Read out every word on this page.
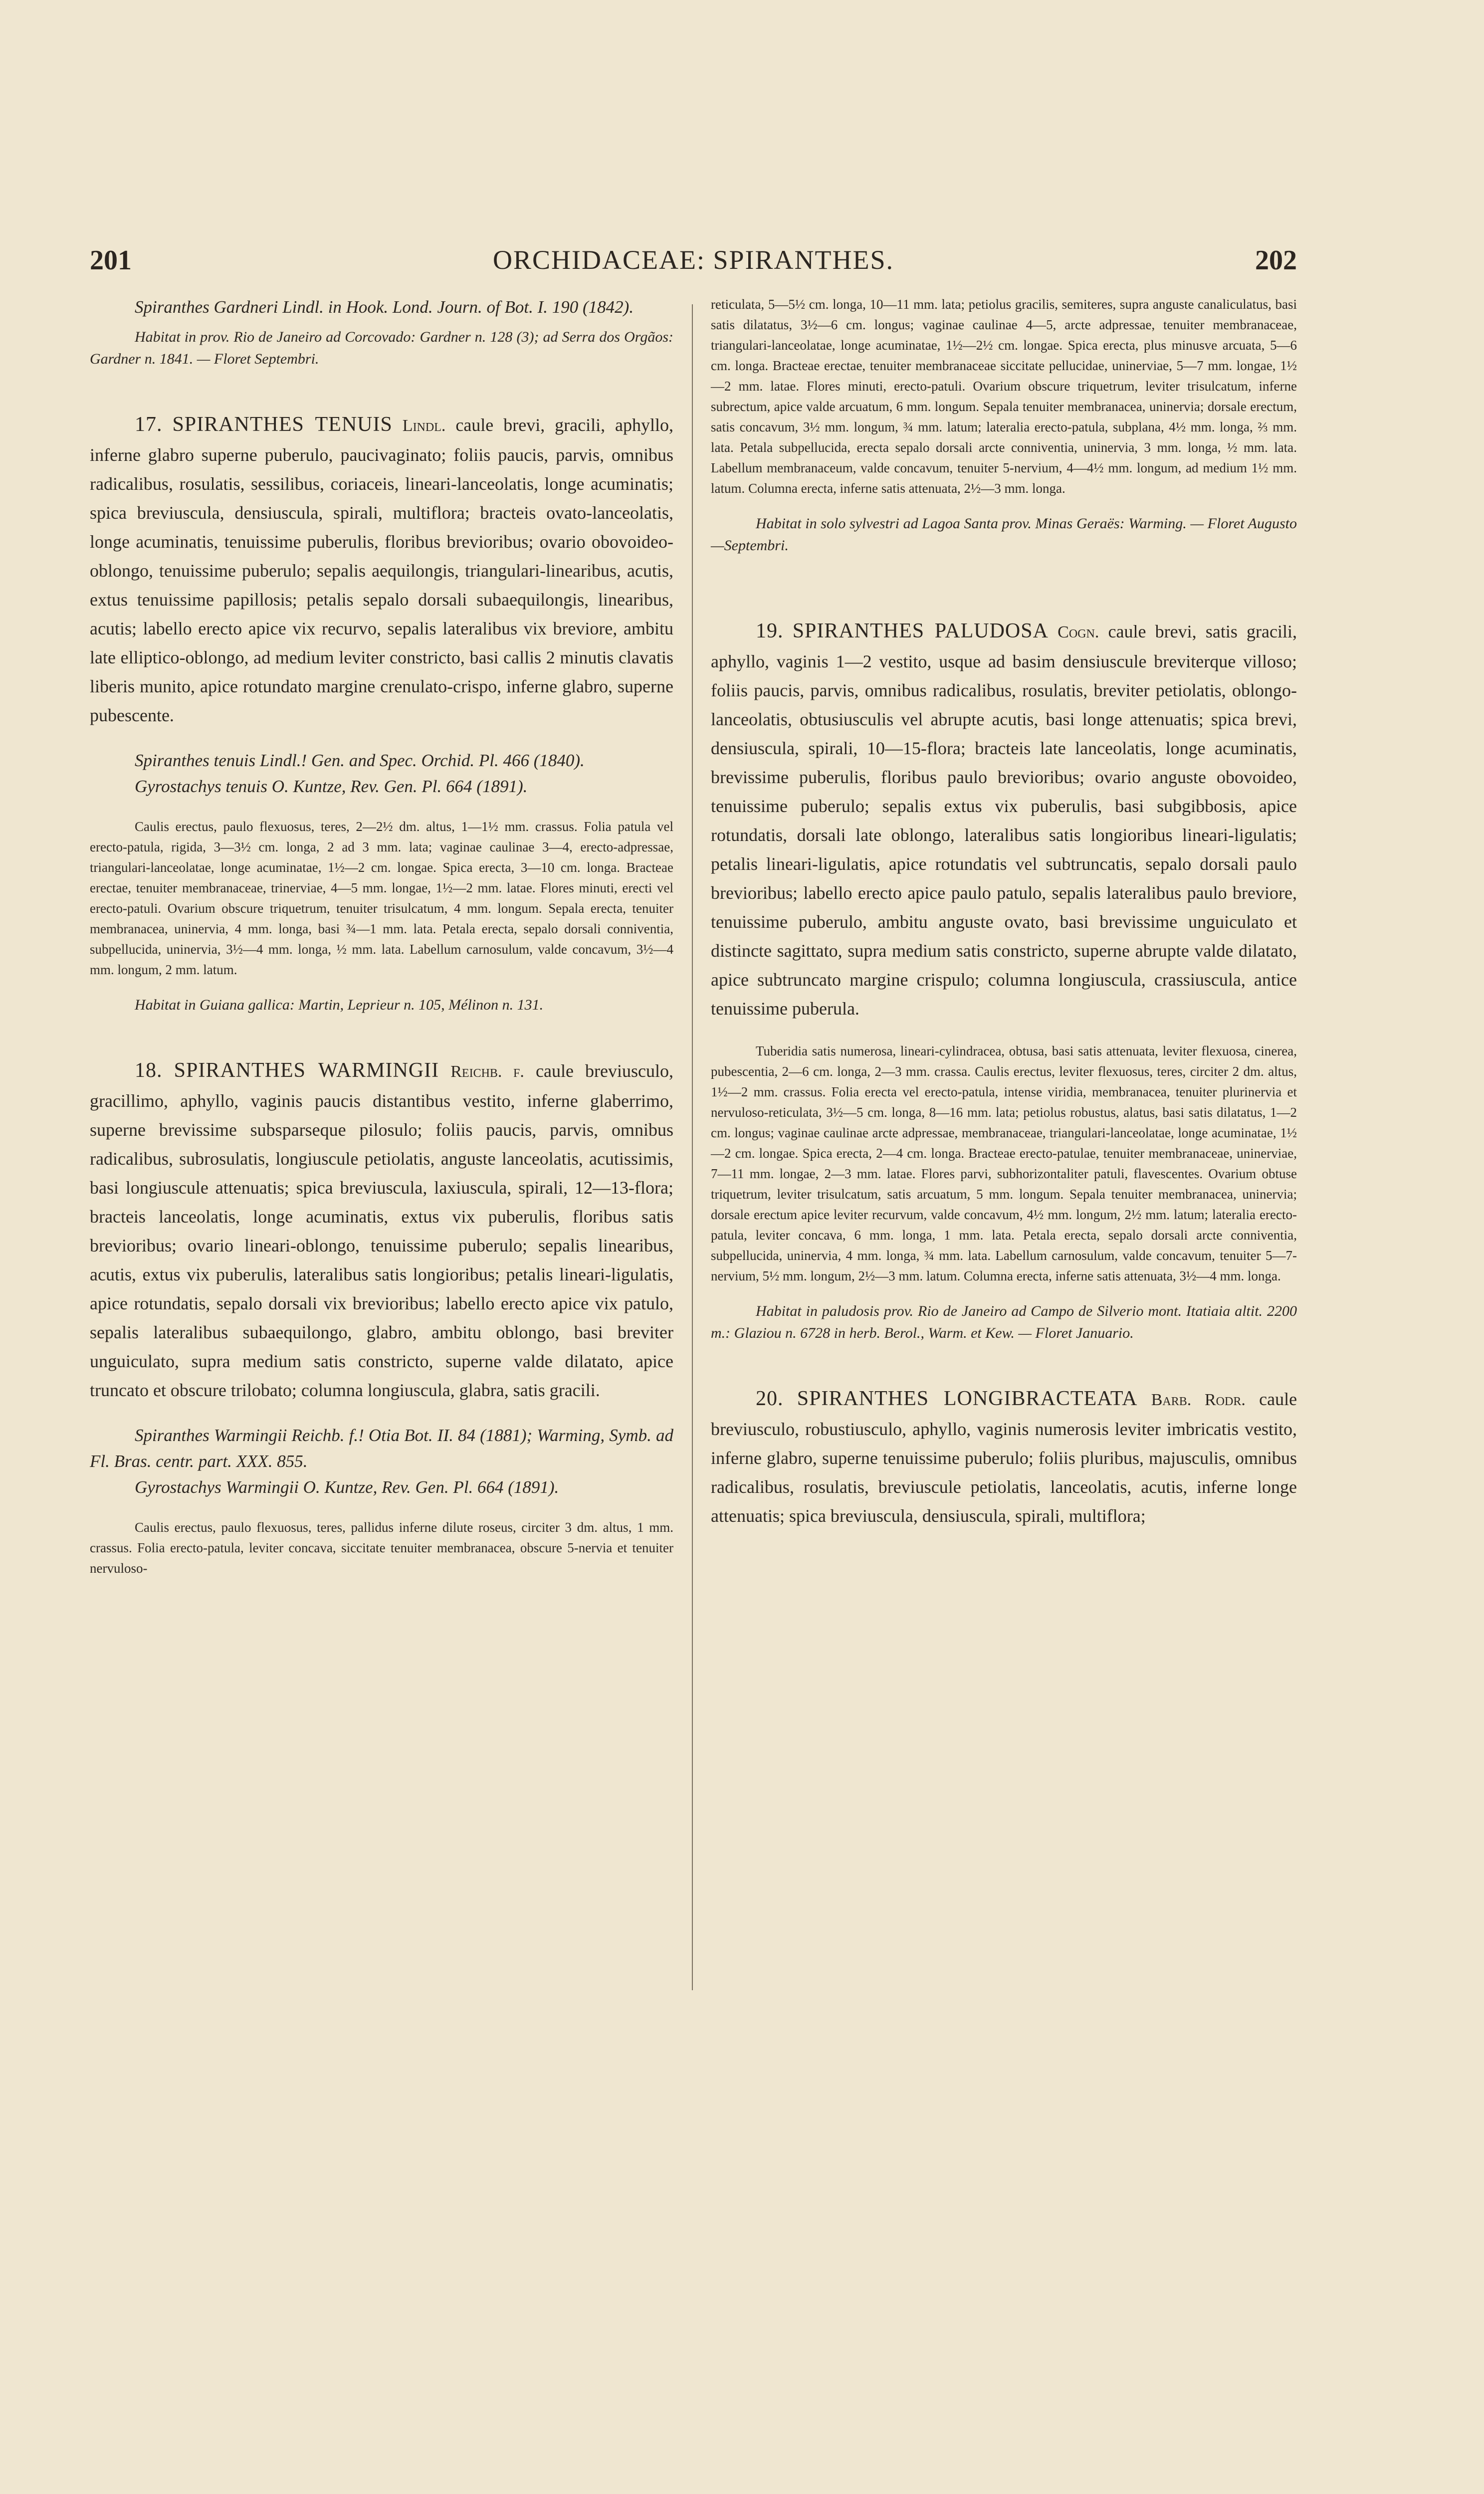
201	ORCHIDACEAE: SPIRANTHES.	202

Spiranthes Gardneri Lindl. in Hook. Lond. Journ. of Bot. I. 190 (1842).

Habitat in prov. Rio de Janeiro ad Corcovado: Gardner n. 128 (3); ad Serra dos Orgãos: Gardner n. 1841. — Floret Septembri.

17. SPIRANTHES TENUIS Lindl. caule brevi, gracili, aphyllo, inferne glabro superne puberulo, paucivaginato; foliis paucis, parvis, omnibus radicalibus, rosulatis, sessilibus, coriaceis, lineari-lanceolatis, longe acuminatis; spica breviuscula, densiuscula, spirali, multiflora; bracteis ovato-lanceolatis, longe acuminatis, tenuissime puberulis, floribus brevioribus; ovario obovoideo-oblongo, tenuissime puberulo; sepalis aequilongis, triangulari-linearibus, acutis, extus tenuissime papillosis; petalis sepalo dorsali subaequilongis, linearibus, acutis; labello erecto apice vix recurvo, sepalis lateralibus vix breviore, ambitu late elliptico-oblongo, ad medium leviter constricto, basi callis 2 minutis clavatis liberis munito, apice rotundato margine crenulato-crispo, inferne glabro, superne pubescente.

Spiranthes tenuis Lindl.! Gen. and Spec. Orchid. Pl. 466 (1840).

Gyrostachys tenuis O. Kuntze, Rev. Gen. Pl. 664 (1891).

Caulis erectus, paulo flexuosus, teres, 2—2½ dm. altus, 1—1½ mm. crassus. Folia patula vel erecto-patula, rigida, 3—3½ cm. longa, 2 ad 3 mm. lata; vaginae caulinae 3—4, erecto-adpressae, triangulari-lanceolatae, longe acuminatae, 1½—2 cm. longae. Spica erecta, 3—10 cm. longa. Bracteae erectae, tenuiter membranaceae, trinerviae, 4—5 mm. longae, 1½—2 mm. latae. Flores minuti, erecti vel erecto-patuli. Ovarium obscure triquetrum, tenuiter trisulcatum, 4 mm. longum. Sepala erecta, tenuiter membranacea, uninervia, 4 mm. longa, basi ¾—1 mm. lata. Petala erecta, sepalo dorsali conniventia, subpellucida, uninervia, 3½—4 mm. longa, ½ mm. lata. Labellum carnosulum, valde concavum, 3½—4 mm. longum, 2 mm. latum.

Habitat in Guiana gallica: Martin, Leprieur n. 105, Mélinon n. 131.

18. SPIRANTHES WARMINGII Reichb. f. caule breviusculo, gracillimo, aphyllo, vaginis paucis distantibus vestito, inferne glaberrimo, superne brevissime subsparseque pilosulo; foliis paucis, parvis, omnibus radicalibus, subrosulatis, longiuscule petiolatis, anguste lanceolatis, acutissimis, basi longiuscule attenuatis; spica breviuscula, laxiuscula, spirali, 12—13-flora; bracteis lanceolatis, longe acuminatis, extus vix puberulis, floribus satis brevioribus; ovario lineari-oblongo, tenuissime puberulo; sepalis linearibus, acutis, extus vix puberulis, lateralibus satis longioribus; petalis lineari-ligulatis, apice rotundatis, sepalo dorsali vix brevioribus; labello erecto apice vix patulo, sepalis lateralibus subaequilongo, glabro, ambitu oblongo, basi breviter unguiculato, supra medium satis constricto, superne valde dilatato, apice truncato et obscure trilobato; columna longiuscula, glabra, satis gracili.

Spiranthes Warmingii Reichb. f.! Otia Bot. II. 84 (1881); Warming, Symb. ad Fl. Bras. centr. part. XXX. 855.

Gyrostachys Warmingii O. Kuntze, Rev. Gen. Pl. 664 (1891).

Caulis erectus, paulo flexuosus, teres, pallidus inferne dilute roseus, circiter 3 dm. altus, 1 mm. crassus. Folia erecto-patula, leviter concava, siccitate tenuiter membranacea, obscure 5-nervia et tenuiter nervuloso-

reticulata, 5—5½ cm. longa, 10—11 mm. lata; petiolus gracilis, semiteres, supra anguste canaliculatus, basi satis dilatatus, 3½—6 cm. longus; vaginae caulinae 4—5, arcte adpressae, tenuiter membranaceae, triangulari-lanceolatae, longe acuminatae, 1½—2½ cm. longae. Spica erecta, plus minusve arcuata, 5—6 cm. longa. Bracteae erectae, tenuiter membranaceae siccitate pellucidae, uninerviae, 5—7 mm. longae, 1½—2 mm. latae. Flores minuti, erecto-patuli. Ovarium obscure triquetrum, leviter trisulcatum, inferne subrectum, apice valde arcuatum, 6 mm. longum. Sepala tenuiter membranacea, uninervia; dorsale erectum, satis concavum, 3½ mm. longum, ¾ mm. latum; lateralia erecto-patula, subplana, 4½ mm. longa, ⅔ mm. lata. Petala subpellucida, erecta sepalo dorsali arcte conniventia, uninervia, 3 mm. longa, ½ mm. lata. Labellum membranaceum, valde concavum, tenuiter 5-nervium, 4—4½ mm. longum, ad medium 1½ mm. latum. Columna erecta, inferne satis attenuata, 2½—3 mm. longa.

Habitat in solo sylvestri ad Lagoa Santa prov. Minas Geraës: Warming. — Floret Augusto—Septembri.

19. SPIRANTHES PALUDOSA Cogn. caule brevi, satis gracili, aphyllo, vaginis 1—2 vestito, usque ad basim densiuscule breviterque villoso; foliis paucis, parvis, omnibus radicalibus, rosulatis, breviter petiolatis, oblongo-lanceolatis, obtusiusculis vel abrupte acutis, basi longe attenuatis; spica brevi, densiuscula, spirali, 10—15-flora; bracteis late lanceolatis, longe acuminatis, brevissime puberulis, floribus paulo brevioribus; ovario anguste obovoideo, tenuissime puberulo; sepalis extus vix puberulis, basi subgibbosis, apice rotundatis, dorsali late oblongo, lateralibus satis longioribus lineari-ligulatis; petalis lineari-ligulatis, apice rotundatis vel subtruncatis, sepalo dorsali paulo brevioribus; labello erecto apice paulo patulo, sepalis lateralibus paulo breviore, tenuissime puberulo, ambitu anguste ovato, basi brevissime unguiculato et distincte sagittato, supra medium satis constricto, superne abrupte valde dilatato, apice subtruncato margine crispulo; columna longiuscula, crassiuscula, antice tenuissime puberula.

Tuberidia satis numerosa, lineari-cylindracea, obtusa, basi satis attenuata, leviter flexuosa, cinerea, pubescentia, 2—6 cm. longa, 2—3 mm. crassa. Caulis erectus, leviter flexuosus, teres, circiter 2 dm. altus, 1½—2 mm. crassus. Folia erecta vel erecto-patula, intense viridia, membranacea, tenuiter plurinervia et nervuloso-reticulata, 3½—5 cm. longa, 8—16 mm. lata; petiolus robustus, alatus, basi satis dilatatus, 1—2 cm. longus; vaginae caulinae arcte adpressae, membranaceae, triangulari-lanceolatae, longe acuminatae, 1½—2 cm. longae. Spica erecta, 2—4 cm. longa. Bracteae erecto-patulae, tenuiter membranaceae, uninerviae, 7—11 mm. longae, 2—3 mm. latae. Flores parvi, subhorizontaliter patuli, flavescentes. Ovarium obtuse triquetrum, leviter trisulcatum, satis arcuatum, 5 mm. longum. Sepala tenuiter membranacea, uninervia; dorsale erectum apice leviter recurvum, valde concavum, 4½ mm. longum, 2½ mm. latum; lateralia erecto-patula, leviter concava, 6 mm. longa, 1 mm. lata. Petala erecta, sepalo dorsali arcte conniventia, subpellucida, uninervia, 4 mm. longa, ¾ mm. lata. Labellum carnosulum, valde concavum, tenuiter 5—7-nervium, 5½ mm. longum, 2½—3 mm. latum. Columna erecta, inferne satis attenuata, 3½—4 mm. longa.

Habitat in paludosis prov. Rio de Janeiro ad Campo de Silverio mont. Itatiaia altit. 2200 m.: Glaziou n. 6728 in herb. Berol., Warm. et Kew. — Floret Januario.

20. SPIRANTHES LONGIBRACTEATA Barb. Rodr. caule breviusculo, robustiusculo, aphyllo, vaginis numerosis leviter imbricatis vestito, inferne glabro, superne tenuissime puberulo; foliis pluribus, majusculis, omnibus radicalibus, rosulatis, breviuscule petiolatis, lanceolatis, acutis, inferne longe attenuatis; spica breviuscula, densiuscula, spirali, multiflora;
